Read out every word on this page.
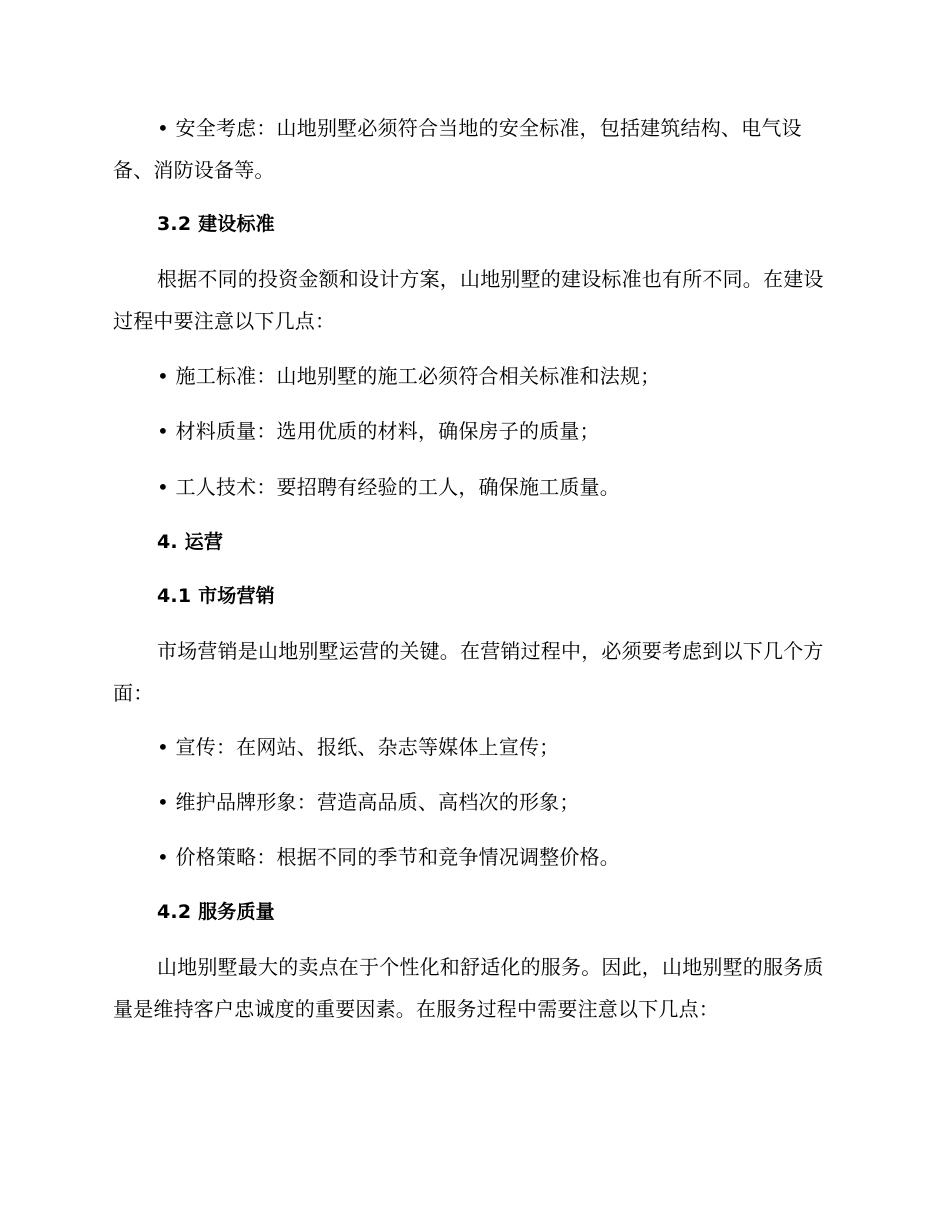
• 安全考虑：山地别墅必须符合当地的安全标准，包括建筑结构、电气设备、消防设备等。

3.2 建设标准

根据不同的投资金额和设计方案，山地别墅的建设标准也有所不同。在建设过程中要注意以下几点：

• 施工标准：山地别墅的施工必须符合相关标准和法规；

• 材料质量：选用优质的材料，确保房子的质量；

• 工人技术：要招聘有经验的工人，确保施工质量。

4. 运营

4.1 市场营销

市场营销是山地别墅运营的关键。在营销过程中，必须要考虑到以下几个方面：

• 宣传：在网站、报纸、杂志等媒体上宣传；

• 维护品牌形象：营造高品质、高档次的形象；

• 价格策略：根据不同的季节和竞争情况调整价格。

4.2 服务质量

山地别墅最大的卖点在于个性化和舒适化的服务。因此，山地别墅的服务质量是维持客户忠诚度的重要因素。在服务过程中需要注意以下几点：
